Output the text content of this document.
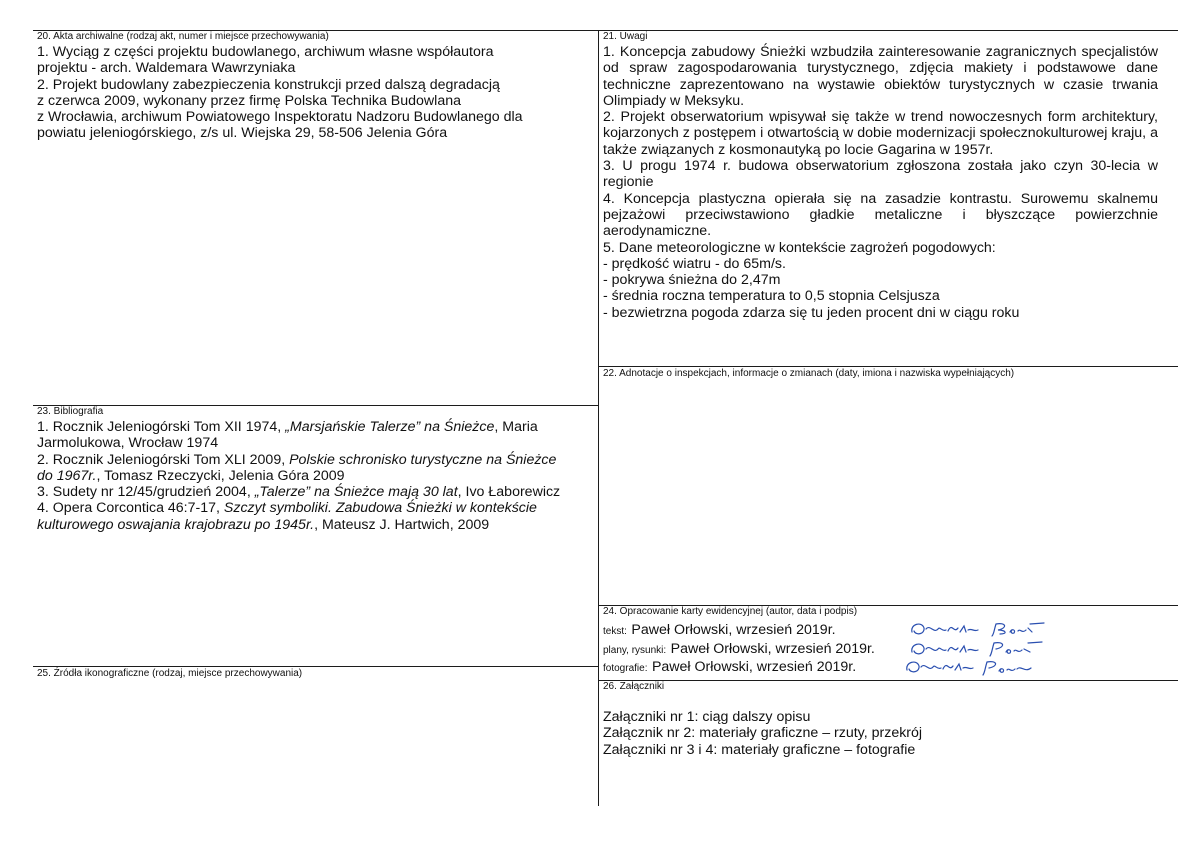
20. Akta archiwalne (rodzaj akt, numer i miejsce przechowywania)

1. Wyciąg z części projektu budowlanego, archiwum własne współautora projektu - arch. Waldemara Wawrzyniaka

2. Projekt budowlany zabezpieczenia konstrukcji przed dalszą degradacją

z czerwca 2009, wykonany przez firmę Polska Technika Budowlana

z Wrocławia, archiwum Powiatowego Inspektoratu Nadzoru Budowlanego dla

powiatu jeleniogórskiego, z/s ul. Wiejska 29, 58-506 Jelenia Góra

21. Uwagi

1. Koncepcja zabudowy Śnieżki wzbudziła zainteresowanie zagranicznych specjalistów od spraw zagospodarowania turystycznego, zdjęcia makiety i podstawowe dane techniczne zaprezentowano na wystawie obiektów turystycznych w czasie trwania Olimpiady w Meksyku.

2. Projekt obserwatorium wpisywał się także w trend nowoczesnych form architektury, kojarzonych z postępem i otwartością w dobie modernizacji społecznokulturowej kraju, a także związanych z kosmonautyką po locie Gagarina w 1957r.

3. U progu 1974 r. budowa obserwatorium zgłoszona została jako czyn 30-lecia w regionie

4. Koncepcja plastyczna opierała się na zasadzie kontrastu. Surowemu skalnemu pejzażowi przeciwstawiono gładkie metaliczne i błyszczące powierzchnie aerodynamiczne.

5. Dane meteorologiczne w kontekście zagrożeń pogodowych:

- prędkość wiatru - do 65m/s.

- pokrywa śnieżna do 2,47m

- średnia roczna temperatura to 0,5 stopnia Celsjusza

- bezwietrzna pogoda zdarza się tu jeden procent dni w ciągu roku

22. Adnotacje o inspekcjach, informacje o zmianach (daty, imiona i nazwiska wypełniających)
23. Bibliografia

1. Rocznik Jeleniogórski Tom XII 1974, „Marsjańskie Talerze” na Śnieżce, Maria Jarmolukowa, Wrocław 1974

2. Rocznik Jeleniogórski Tom XLI 2009, Polskie schronisko turystyczne na Śnieżce do 1967r., Tomasz Rzeczycki, Jelenia Góra 2009

3. Sudety nr 12/45/grudzień 2004, „Talerze” na Śnieżce mają 30 lat, Ivo Łaborewicz

4. Opera Corcontica 46:7-17, Szczyt symboliki. Zabudowa Śnieżki w kontekście kulturowego oswajania krajobrazu po 1945r., Mateusz J. Hartwich, 2009

24. Opracowanie karty ewidencyjnej (autor, data i podpis)
tekst: Paweł Orłowski, wrzesień 2019r.
plany, rysunki: Paweł Orłowski, wrzesień 2019r.
fotografie: Paweł Orłowski, wrzesień 2019r.
25. Źródła ikonograficzne (rodzaj, miejsce przechowywania)
26. Załączniki

Załączniki nr 1: ciąg dalszy opisu

Załącznik nr 2: materiały graficzne – rzuty, przekrój

Załączniki nr 3 i 4: materiały graficzne – fotografie
